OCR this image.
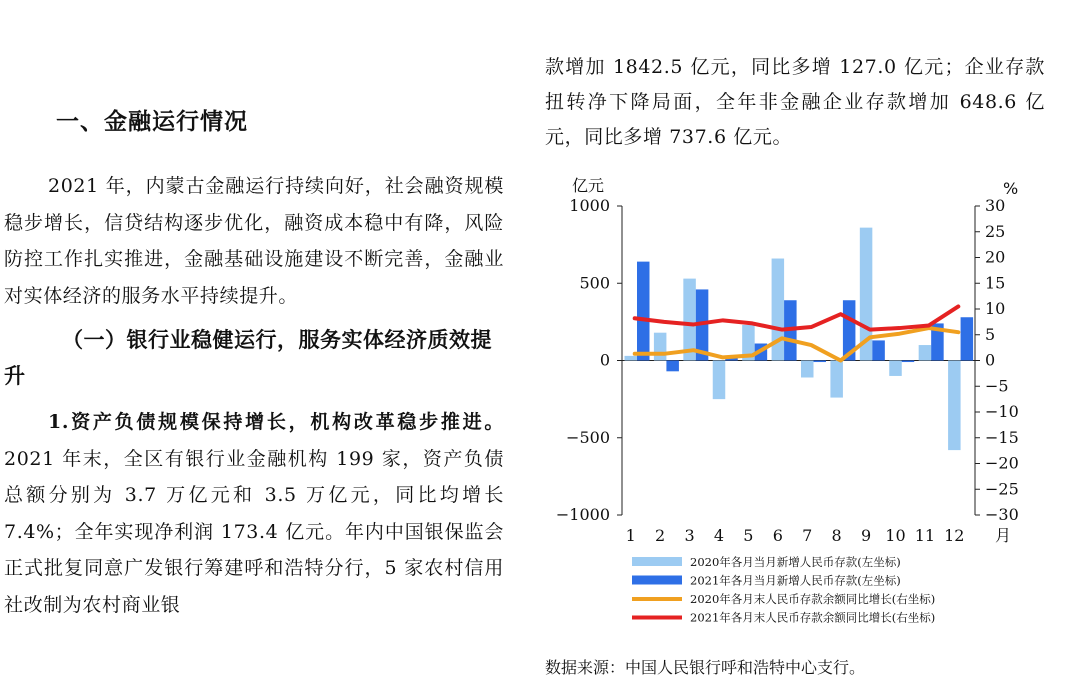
一、金融运行情况

2021 年，内蒙古金融运行持续向好，社会融资规模稳步增长，信贷结构逐步优化，融资成本稳中有降，风险防控工作扎实推进，金融基础设施建设不断完善，金融业对实体经济的服务水平持续提升。

（一）银行业稳健运行，服务实体经济质效提升

1.资产负债规模保持增长，机构改革稳步推进。2021 年末，全区有银行业金融机构 199 家，资产负债总额分别为 3.7 万亿元和 3.5 万亿元，同比均增长 7.4%；全年实现净利润 173.4 亿元。年内中国银保监会正式批复同意广发银行筹建呼和浩特分行，5 家农村信用社改制为农村商业银

款增加 1842.5 亿元，同比多增 127.0 亿元；企业存款扭转净下降局面，全年非金融企业存款增加 648.6 亿元，同比多增 737.6 亿元。

1000
500
0
−500
−1000
30
25
20
15
10
5
0
−5
−10
−15
−20
−25
−30
亿元	%
1 2 3 4 5 6 7 8 9 10 11 12 月
2020年各月当月新增人民币存款(左坐标)
2021年各月当月新增人民币存款(左坐标)
2020年各月末人民币存款余额同比增长(右坐标)
2021年各月末人民币存款余额同比增长(右坐标)
数据来源：中国人民银行呼和浩特中心支行。
